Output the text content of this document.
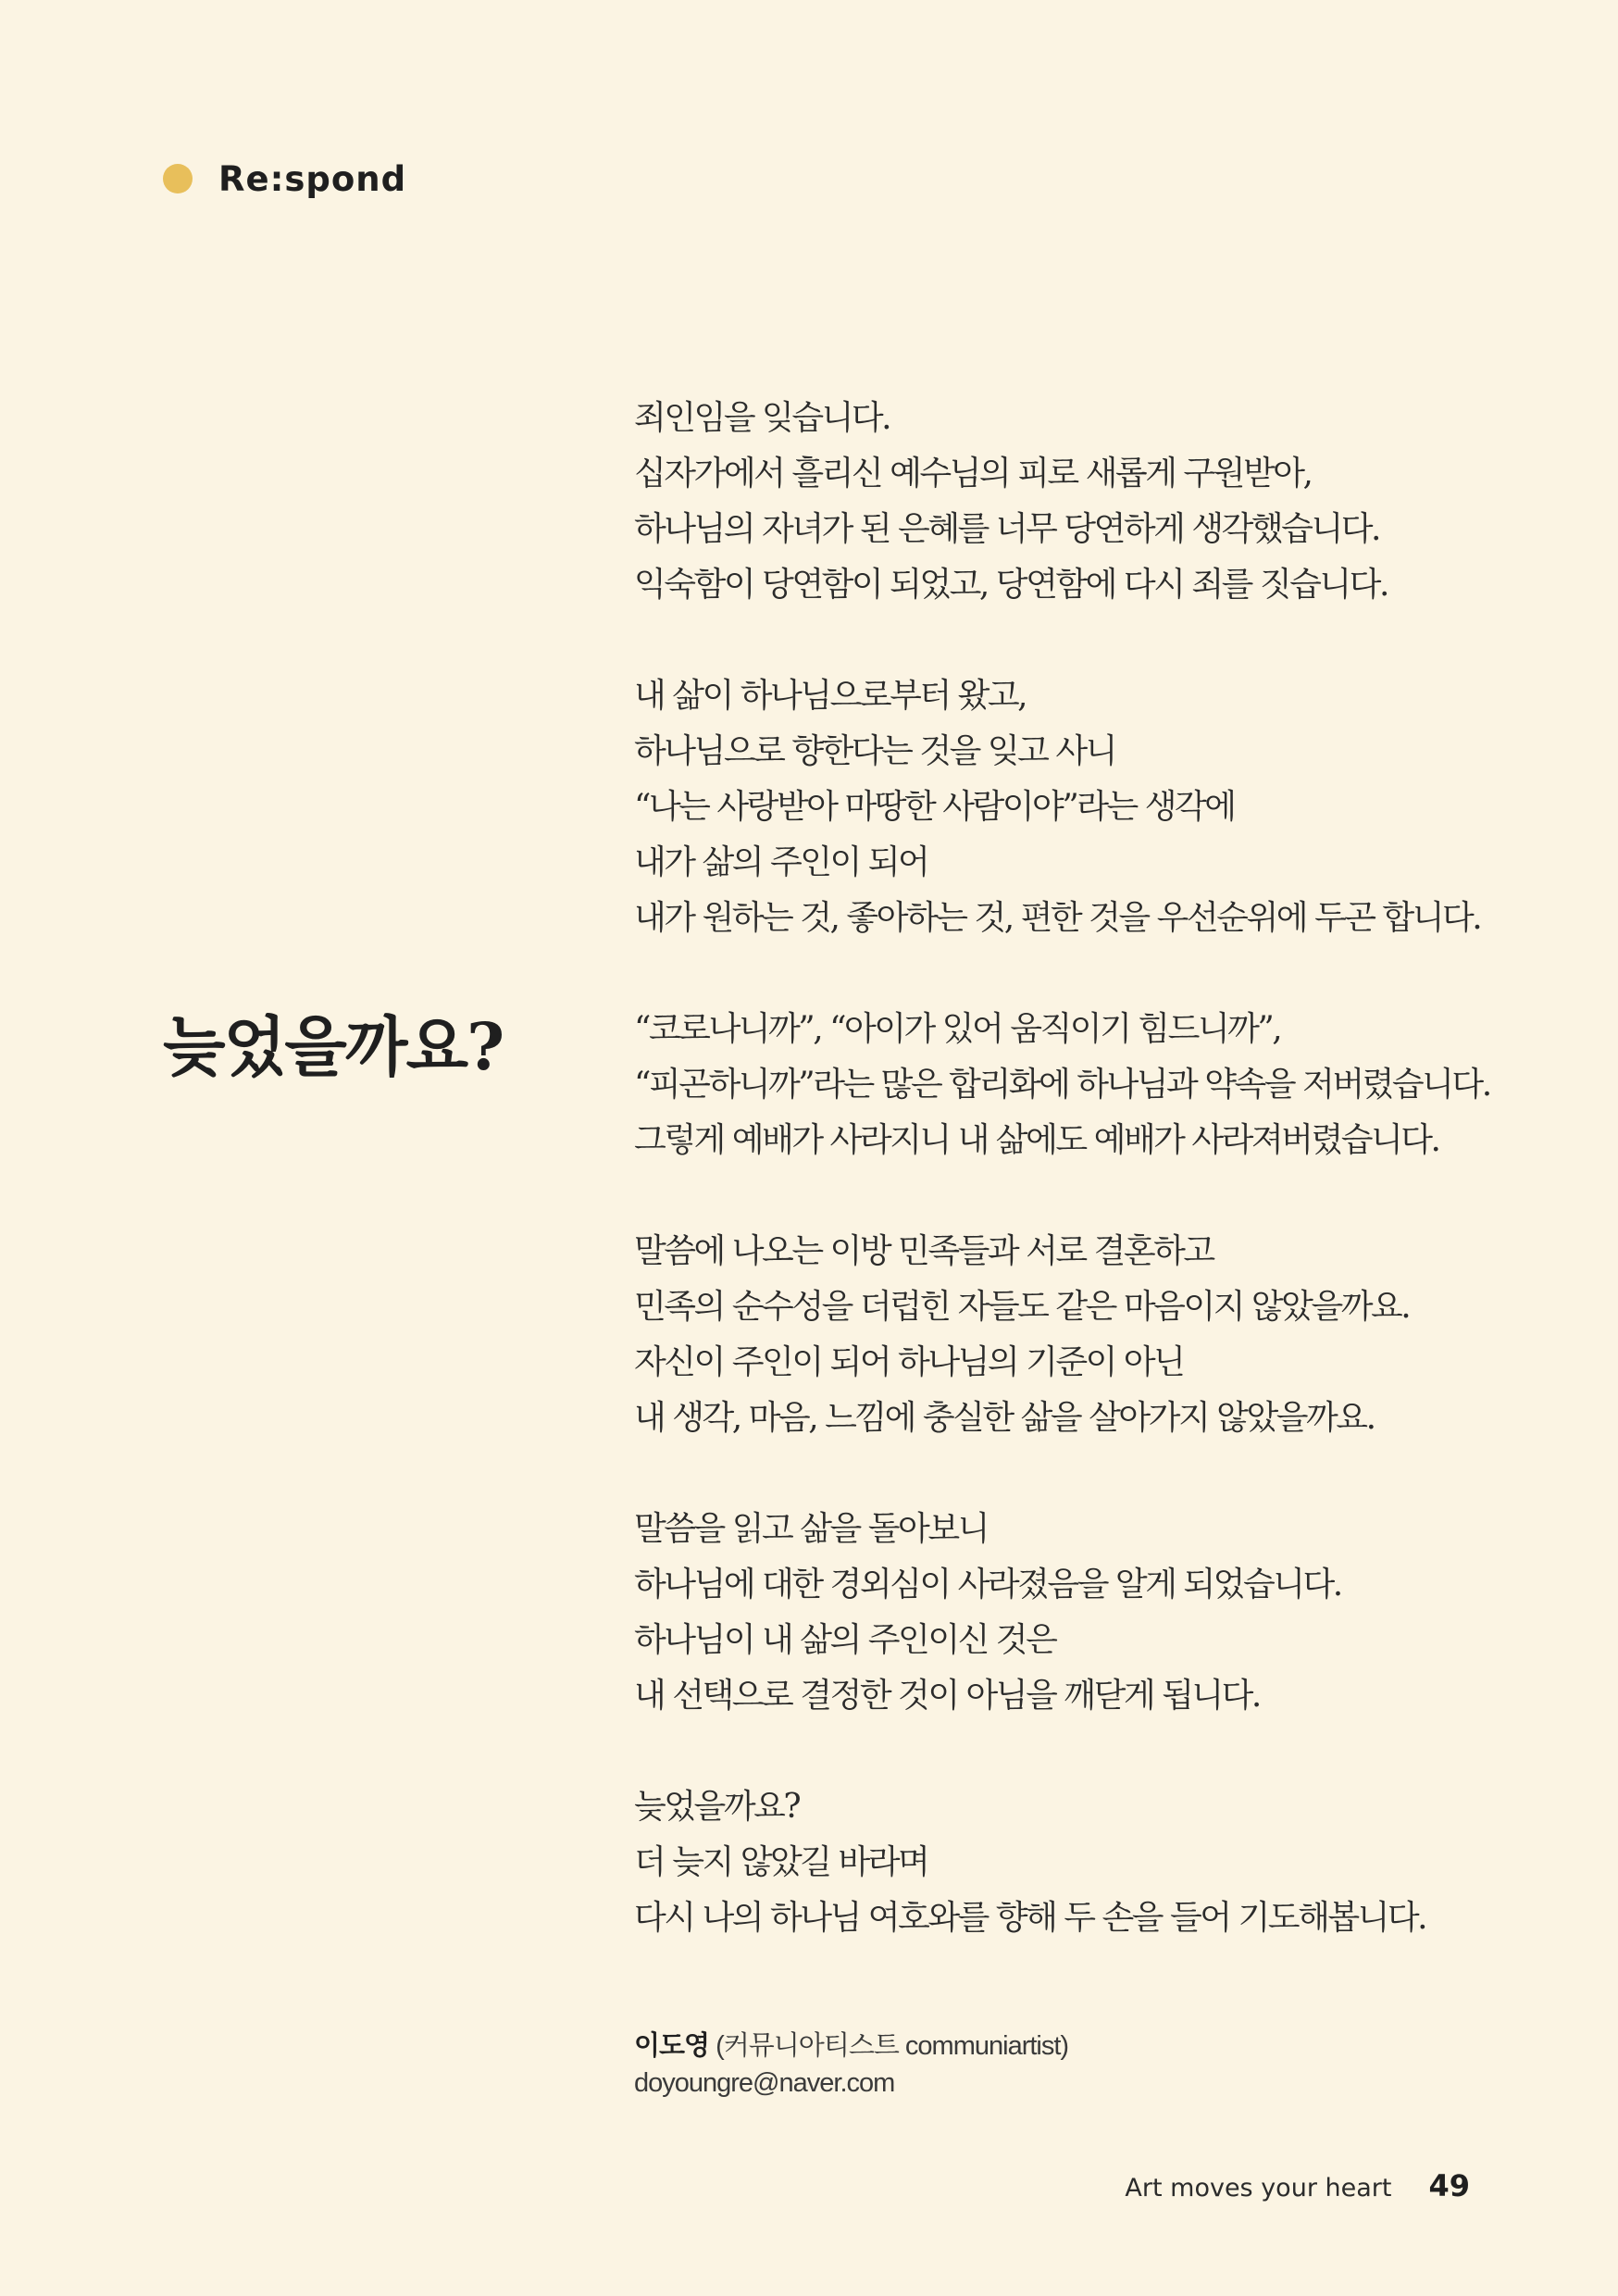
Re:spond
늦었을까요?
죄인임을 잊습니다.
십자가에서 흘리신 예수님의 피로 새롭게 구원받아,
하나님의 자녀가 된 은혜를 너무 당연하게 생각했습니다.
익숙함이 당연함이 되었고, 당연함에 다시 죄를 짓습니다.
내 삶이 하나님으로부터 왔고,
하나님으로 향한다는 것을 잊고 사니
“나는 사랑받아 마땅한 사람이야”라는 생각에
내가 삶의 주인이 되어
내가 원하는 것, 좋아하는 것, 편한 것을 우선순위에 두곤 합니다.
“코로나니까”, “아이가 있어 움직이기 힘드니까”,
“피곤하니까”라는 많은 합리화에 하나님과 약속을 저버렸습니다.
그렇게 예배가 사라지니 내 삶에도 예배가 사라져버렸습니다.
말씀에 나오는 이방 민족들과 서로 결혼하고
민족의 순수성을 더럽힌 자들도 같은 마음이지 않았을까요.
자신이 주인이 되어 하나님의 기준이 아닌
내 생각, 마음, 느낌에 충실한 삶을 살아가지 않았을까요.
말씀을 읽고 삶을 돌아보니
하나님에 대한 경외심이 사라졌음을 알게 되었습니다.
하나님이 내 삶의 주인이신 것은
내 선택으로 결정한 것이 아님을 깨닫게 됩니다.
늦었을까요?
더 늦지 않았길 바라며
다시 나의 하나님 여호와를 향해 두 손을 들어 기도해봅니다.
이도영 (커뮤니아티스트 communiartist)
doyoungre@naver.com
Art moves your heart 49
